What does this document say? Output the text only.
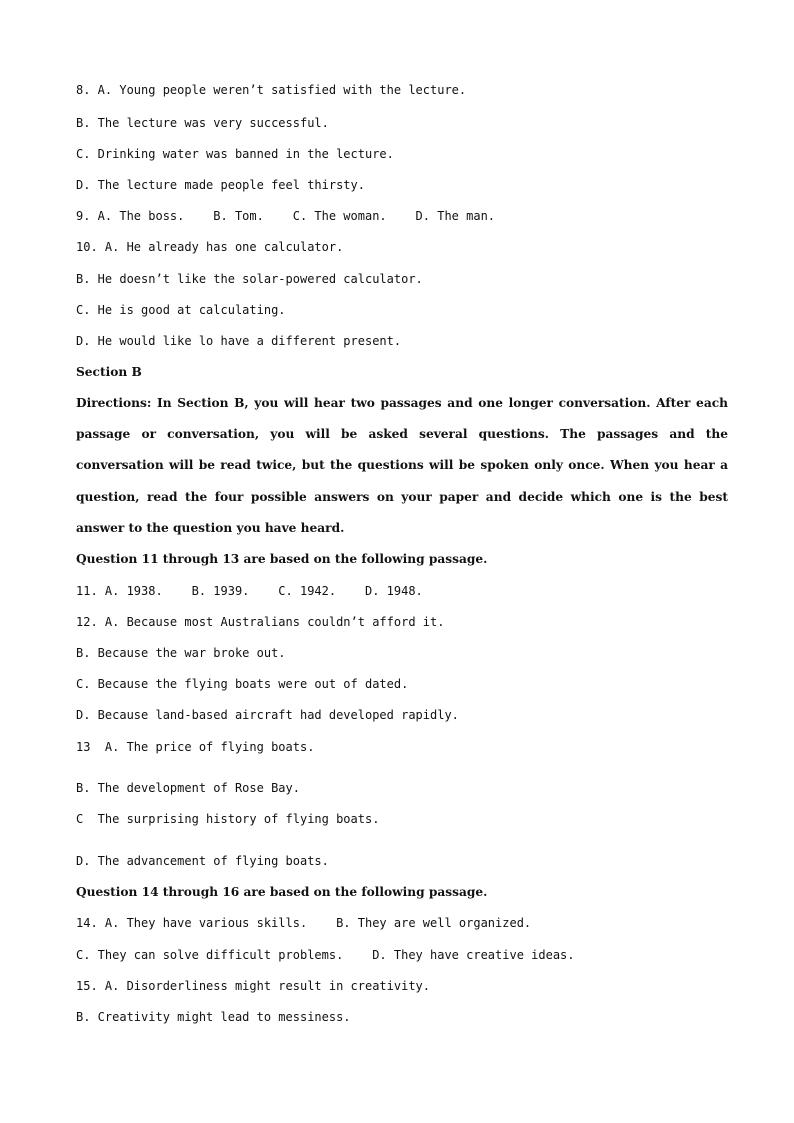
8. A. Young people weren’t satisfied with the lecture.

B. The lecture was very successful.

C. Drinking water was banned in the lecture.

D. The lecture made people feel thirsty.

9. A. The boss.    B. Tom.    C. The woman.    D. The man.

10. A. He already has one calculator.

B. He doesn’t like the solar-powered calculator.

C. He is good at calculating.

D. He would like lo have a different present.

Section B

Directions: In Section B, you will hear two passages and one longer conversation. After each passage or conversation, you will be asked several questions. The passages and the conversation will be read twice, but the questions will be spoken only once. When you hear a question, read the four possible answers on your paper and decide which one is the best answer to the question you have heard.

Question 11 through 13 are based on the following passage.

11. A. 1938.    B. 1939.    C. 1942.    D. 1948.

12. A. Because most Australians couldn’t afford it.

B. Because the war broke out.

C. Because the flying boats were out of dated.

D. Because land-based aircraft had developed rapidly.

13  A. The price of flying boats.

B. The development of Rose Bay.

C  The surprising history of flying boats.

D. The advancement of flying boats.

Question 14 through 16 are based on the following passage.

14. A. They have various skills.    B. They are well organized.

C. They can solve difficult problems.    D. They have creative ideas.

15. A. Disorderliness might result in creativity.

B. Creativity might lead to messiness.
